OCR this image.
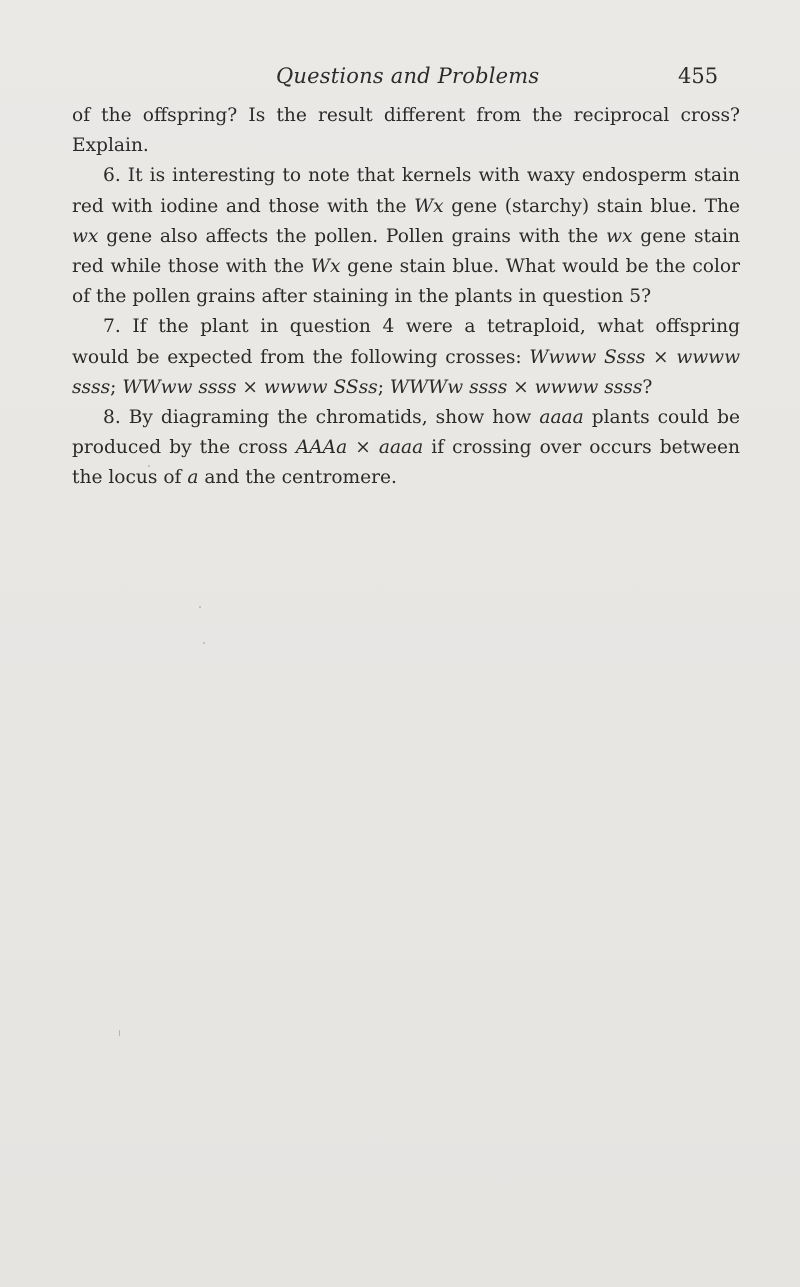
Questions and Problems	455

of the offspring? Is the result different from the reciprocal cross? Explain.

6. It is interesting to note that kernels with waxy endosperm stain red with iodine and those with the Wx gene (starchy) stain blue. The wx gene also affects the pollen. Pollen grains with the wx gene stain red while those with the Wx gene stain blue. What would be the color of the pollen grains after staining in the plants in question 5?

7. If the plant in question 4 were a tetraploid, what offspring would be expected from the following crosses: Wwww Ssss × wwww ssss; WWww ssss × wwww SSss; WWWw ssss × wwww ssss?

8. By diagraming the chromatids, show how aaaa plants could be produced by the cross AAAa × aaaa if crossing over occurs between the locus of a and the centromere.
